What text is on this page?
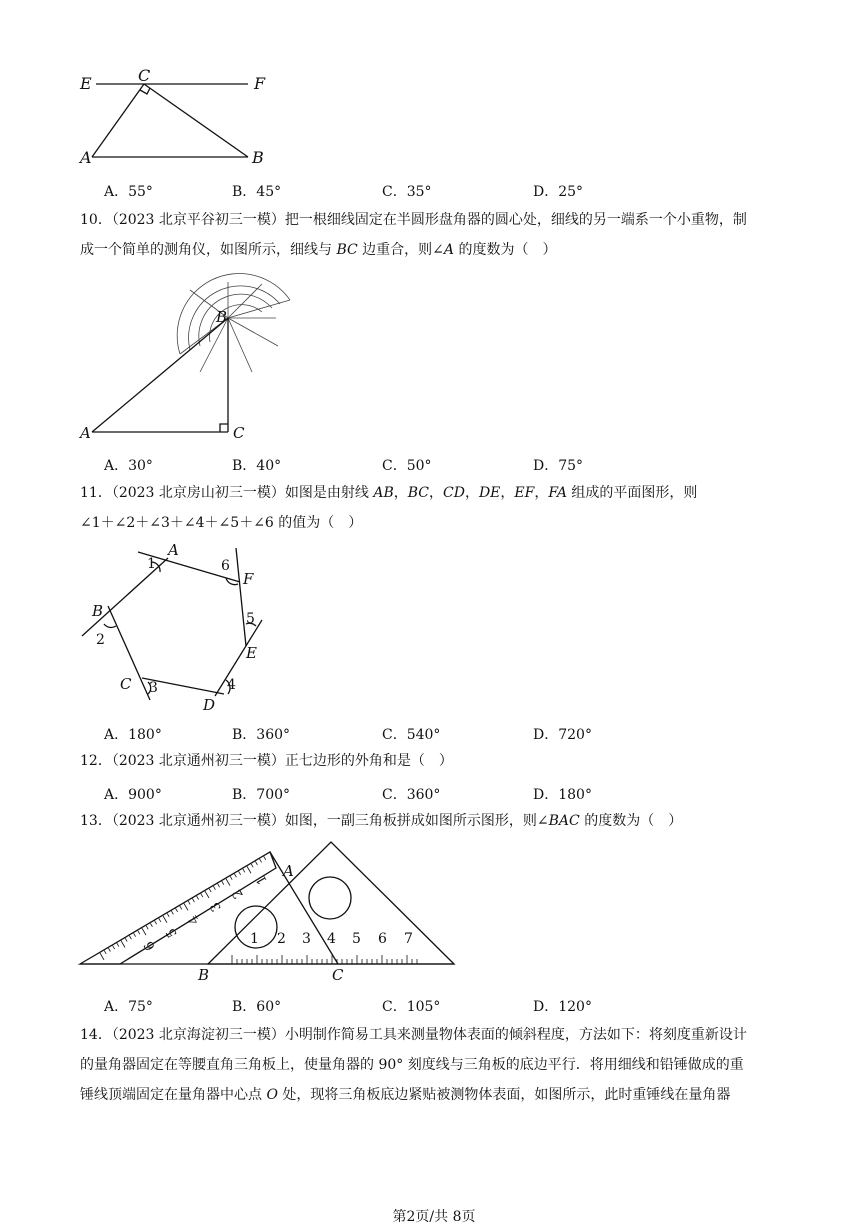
E	C	F
A	B
A．55°	B．45°	C．35°	D．25°
10．（2023 北京平谷初三一模）把一根细线固定在半圆形盘角器的圆心处，细线的另一端系一个小重物，制
成一个简单的测角仪，如图所示，细线与 BC 边重合，则∠A 的度数为（　）
B
A	C
A．30°	B．40°	C．50°	D．75°
11．（2023 北京房山初三一模）如图是由射线 AB，BC，CD，DE，EF，FA 组成的平面图形，则
∠1＋∠2＋∠3＋∠4＋∠5＋∠6 的值为（　）
A
B
C
D
E
F
1
2
3	4
5
6
A．180°	B．360°	C．540°	D．720°
12．（2023 北京通州初三一模）正七边形的外角和是（　）
A．900°	B．700°	C．360°	D．180°
13．（2023 北京通州初三一模）如图，一副三角板拼成如图所示图形，则∠BAC 的度数为（　）
A
B	C
1 2 3 4 5 6 7
1
2
3
4
5
6
A．75°	B．60°	C．105°	D．120°
14．（2023 北京海淀初三一模）小明制作简易工具来测量物体表面的倾斜程度，方法如下：将刻度重新设计
的量角器固定在等腰直角三角板上，使量角器的 90° 刻度线与三角板的底边平行．将用细线和铅锤做成的重
锤线顶端固定在量角器中心点 O 处，现将三角板底边紧贴被测物体表面，如图所示，此时重锤线在量角器
第2页/共 8页
